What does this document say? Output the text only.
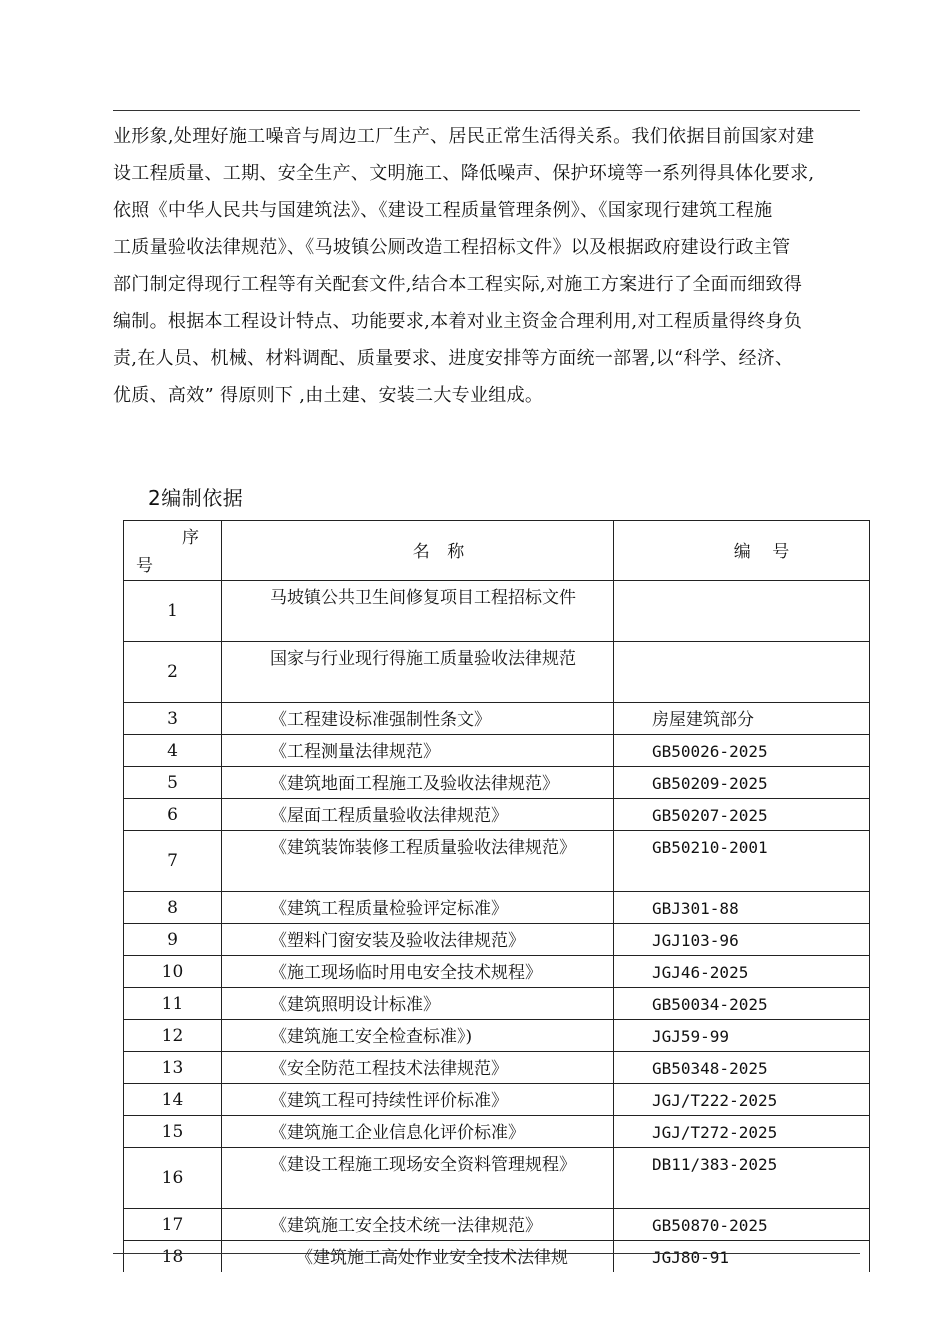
业形象,处理好施工噪音与周边工厂生产、居民正常生活得关系。我们依据目前国家对建
设工程质量、工期、安全生产、文明施工、降低噪声、保护环境等一系列得具体化要求,
依照《中华人民共与国建筑法》、《建设工程质量管理条例》、《国家现行建筑工程施
工质量验收法律规范》、《马坡镇公厕改造工程招标文件》以及根据政府建设行政主管
部门制定得现行工程等有关配套文件,结合本工程实际,对施工方案进行了全面而细致得
编制。根据本工程设计特点、功能要求,本着对业主资金合理利用,对工程质量得终身负
责,在人员、机械、材料调配、质量要求、进度安排等方面统一部署,以“科学、经济、
优质、高效” 得原则下 ,由土建、安装二大专业组成。
2编制依据
序
号	名 称	编 号

1	马坡镇公共卫生间修复项目工程招标文件	
2	国家与行业现行得施工质量验收法律规范	
3	《工程建设标准强制性条文》	房屋建筑部分
4	《工程测量法律规范》	GB50026-2025
5	《建筑地面工程施工及验收法律规范》	GB50209-2025
6	《屋面工程质量验收法律规范》	GB50207-2025
7	《建筑装饰装修工程质量验收法律规范》	GB50210-2001
8	《建筑工程质量检验评定标准》	GBJ301-88
9	《塑料门窗安装及验收法律规范》	JGJ103-96
10	《施工现场临时用电安全技术规程》	JGJ46-2025
11	《建筑照明设计标准》	GB50034-2025
12	《建筑施工安全检查标准》)	JGJ59-99
13	《安全防范工程技术法律规范》	GB50348-2025
14	《建筑工程可持续性评价标准》	JGJ/T222-2025
15	《建筑施工企业信息化评价标准》	JGJ/T272-2025
16	《建设工程施工现场安全资料管理规程》	DB11/383-2025
17	《建筑施工安全技术统一法律规范》	GB50870-2025
18	《建筑施工高处作业安全技术法律规	JGJ80-91
